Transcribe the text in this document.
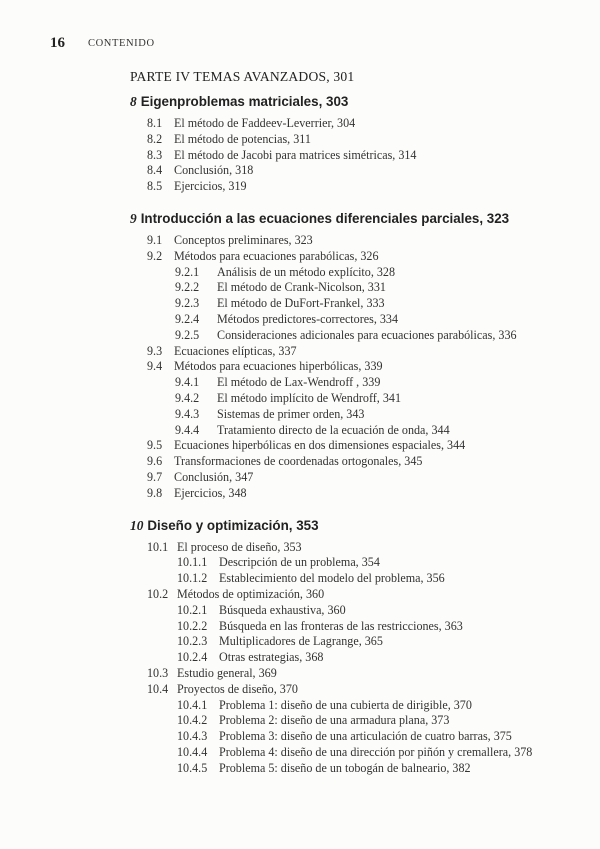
16 CONTENIDO
PARTE IV TEMAS AVANZADOS, 301
8 Eigenproblemas matriciales, 303
8.1 El método de Faddeev-Leverrier, 304
8.2 El método de potencias, 311
8.3 El método de Jacobi para matrices simétricas, 314
8.4 Conclusión, 318
8.5 Ejercicios, 319
9 Introducción a las ecuaciones diferenciales parciales, 323
9.1 Conceptos preliminares, 323
9.2 Métodos para ecuaciones parabólicas, 326
9.2.1 Análisis de un método explícito, 328
9.2.2 El método de Crank-Nicolson, 331
9.2.3 El método de DuFort-Frankel, 333
9.2.4 Métodos predictores-correctores, 334
9.2.5 Consideraciones adicionales para ecuaciones parabólicas, 336
9.3 Ecuaciones elípticas, 337
9.4 Métodos para ecuaciones hiperbólicas, 339
9.4.1 El método de Lax-Wendroff , 339
9.4.2 El método implícito de Wendroff, 341
9.4.3 Sistemas de primer orden, 343
9.4.4 Tratamiento directo de la ecuación de onda, 344
9.5 Ecuaciones hiperbólicas en dos dimensiones espaciales, 344
9.6 Transformaciones de coordenadas ortogonales, 345
9.7 Conclusión, 347
9.8 Ejercicios, 348
10 Diseño y optimización, 353
10.1 El proceso de diseño, 353
10.1.1 Descripción de un problema, 354
10.1.2 Establecimiento del modelo del problema, 356
10.2 Métodos de optimización, 360
10.2.1 Búsqueda exhaustiva, 360
10.2.2 Búsqueda en las fronteras de las restricciones, 363
10.2.3 Multiplicadores de Lagrange, 365
10.2.4 Otras estrategias, 368
10.3 Estudio general, 369
10.4 Proyectos de diseño, 370
10.4.1 Problema 1: diseño de una cubierta de dirigible, 370
10.4.2 Problema 2: diseño de una armadura plana, 373
10.4.3 Problema 3: diseño de una articulación de cuatro barras, 375
10.4.4 Problema 4: diseño de una dirección por piñón y cremallera, 378
10.4.5 Problema 5: diseño de un tobogán de balneario, 382
